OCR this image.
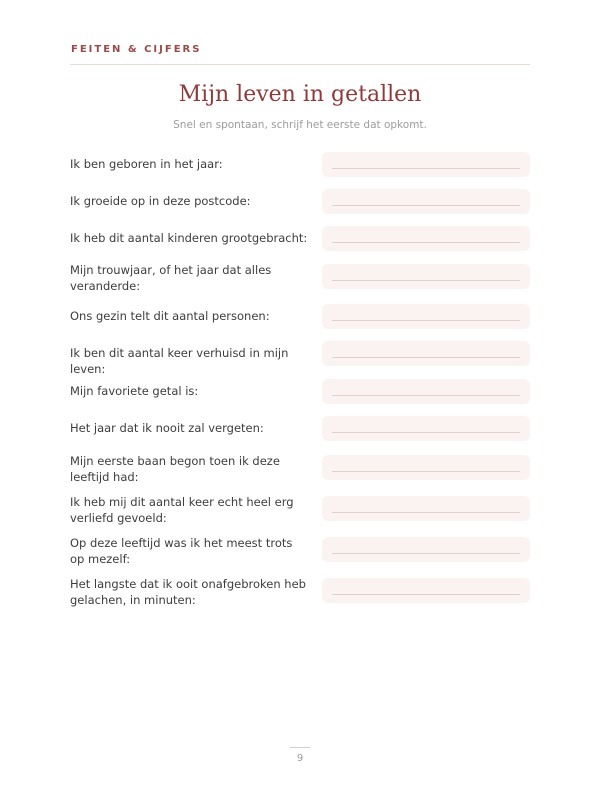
FEITEN & CIJFERS
Mijn leven in getallen
Snel en spontaan, schrijf het eerste dat opkomt.
Ik ben geboren in het jaar:
Ik groeide op in deze postcode:
Ik heb dit aantal kinderen grootgebracht:
Mijn trouwjaar, of het jaar dat alles veranderde:
Ons gezin telt dit aantal personen:
Ik ben dit aantal keer verhuisd in mijn leven:
Mijn favoriete getal is:
Het jaar dat ik nooit zal vergeten:
Mijn eerste baan begon toen ik deze leeftijd had:
Ik heb mij dit aantal keer echt heel erg verliefd gevoeld:
Op deze leeftijd was ik het meest trots op mezelf:
Het langste dat ik ooit onafgebroken heb gelachen, in minuten:
9
